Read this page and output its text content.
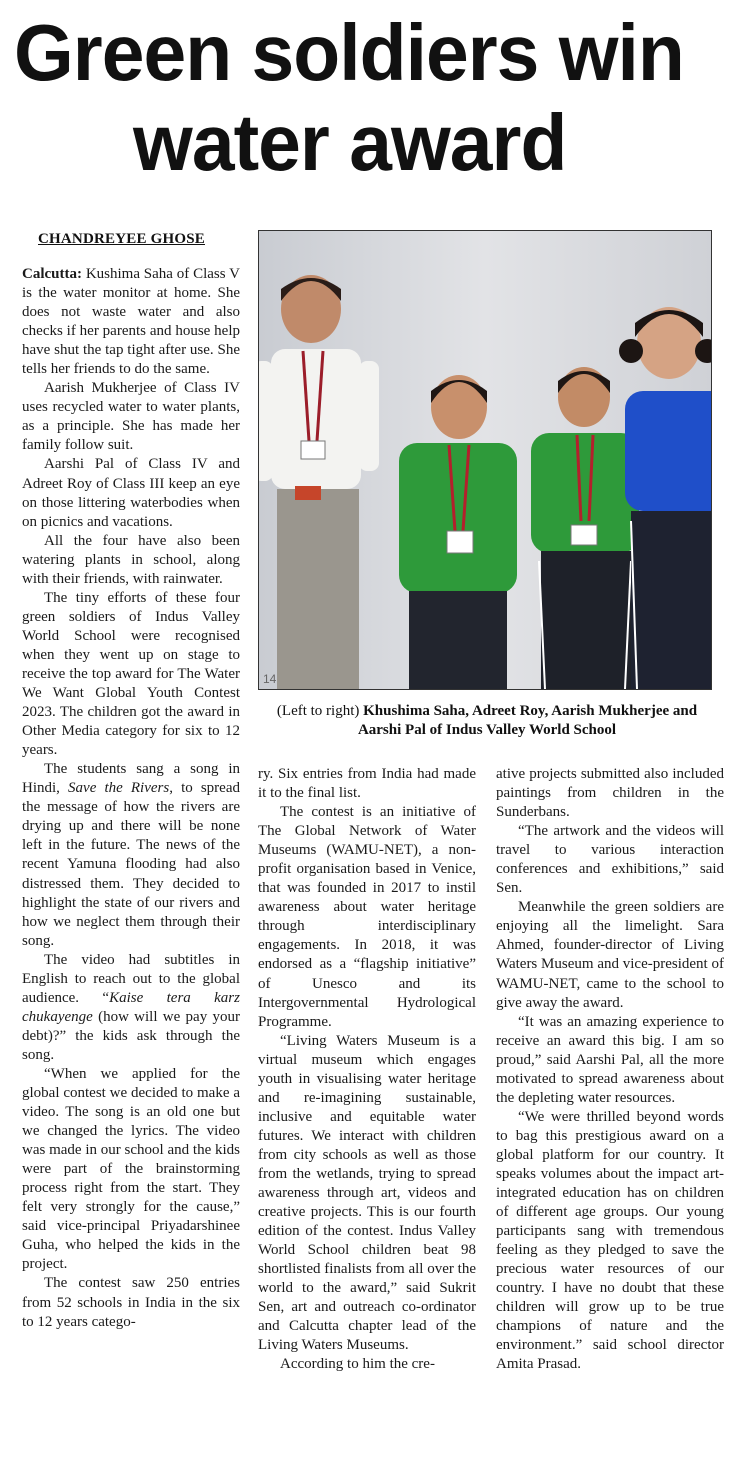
Green soldiers win
water award
CHANDREYEE GHOSE

Calcutta: Kushima Saha of Class V is the water monitor at home. She does not waste water and also checks if her parents and house help have shut the tap tight after use. She tells her friends to do the same.

Aarish Mukherjee of Class IV uses recycled water to water plants, as a principle. She has made her family follow suit.

Aarshi Pal of Class IV and Adreet Roy of Class III keep an eye on those littering waterbodies when on picnics and vacations.

All the four have also been watering plants in school, along with their friends, with rainwater.

The tiny efforts of these four green soldiers of Indus Valley World School were recognised when they went up on stage to receive the top award for The Water We Want Global Youth Contest 2023. The children got the award in Other Media category for six to 12 years.

The students sang a song in Hindi, Save the Rivers, to spread the message of how the rivers are drying up and there will be none left in the future. The news of the recent Yamuna flooding had also distressed them. They decided to highlight the state of our rivers and how we neglect them through their song.

The video had subtitles in English to reach out to the global audience. “Kaise tera karz chukayenge (how will we pay your debt)?” the kids ask through the song.

“When we applied for the global contest we decided to make a video. The song is an old one but we changed the lyrics. The video was made in our school and the kids were part of the brainstorming process right from the start. They felt very strongly for the cause,” said vice-principal Priyadarshinee Guha, who helped the kids in the project.

The contest saw 250 entries from 52 schools in India in the six to 12 years catego-

14
(Left to right) Khushima Saha, Adreet Roy, Aarish Mukherjee and Aarshi Pal of Indus Valley World School

ry. Six entries from India had made it to the final list.

The contest is an initiative of The Global Network of Water Museums (WAMU-NET), a non-profit organisation based in Venice, that was founded in 2017 to instil awareness about water heritage through interdisciplinary engagements. In 2018, it was endorsed as a “flagship initiative” of Unesco and its Intergovernmental Hydrological Programme.

“Living Waters Museum is a virtual museum which engages youth in visualising water heritage and re-imagining sustainable, inclusive and equitable water futures. We interact with children from city schools as well as those from the wetlands, trying to spread awareness through art, videos and creative projects. This is our fourth edition of the contest. Indus Valley World School children beat 98 shortlisted finalists from all over the world to the award,” said Sukrit Sen, art and outreach co-ordinator and Calcutta chapter lead of the Living Waters Museums.

According to him the cre-

ative projects submitted also included paintings from children in the Sunderbans.

“The artwork and the videos will travel to various interaction conferences and exhibitions,” said Sen.

Meanwhile the green soldiers are enjoying all the limelight. Sara Ahmed, founder-director of Living Waters Museum and vice-president of WAMU-NET, came to the school to give away the award.

“It was an amazing experience to receive an award this big. I am so proud,” said Aarshi Pal, all the more motivated to spread awareness about the depleting water resources.

“We were thrilled beyond words to bag this prestigious award on a global platform for our country. It speaks volumes about the impact art-integrated education has on children of different age groups. Our young participants sang with tremendous feeling as they pledged to save the precious water resources of our country. I have no doubt that these children will grow up to be true champions of nature and the environment.” said school director Amita Prasad.
